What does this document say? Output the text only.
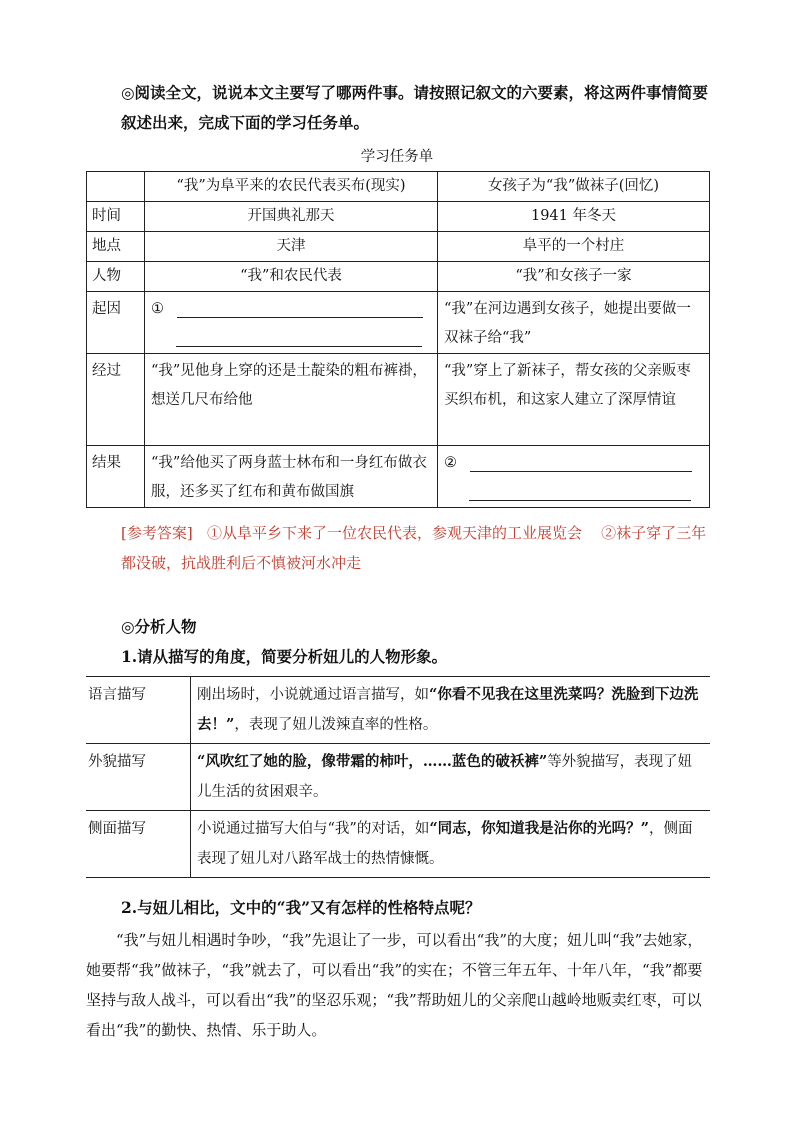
◎阅读全文，说说本文主要写了哪两件事。请按照记叙文的六要素，将这两件事情简要叙述出来，完成下面的学习任务单。
学习任务单
	“我”为阜平来的农民代表买布(现实)	女孩子为“我”做袜子(回忆)
时间	开国典礼那天	1941 年冬天
地点	天津	阜平的一个村庄
人物	“我”和农民代表	“我”和女孩子一家
起因	①	“我”在河边遇到女孩子，她提出要做一双袜子给“我”
经过	“我”见他身上穿的还是土靛染的粗布裤褂，想送几尺布给他	“我”穿上了新袜子，帮女孩的父亲贩枣买织布机，和这家人建立了深厚情谊
结果	“我”给他买了两身蓝士林布和一身红布做衣服，还多买了红布和黄布做国旗	②

[参考答案] ①从阜平乡下来了一位农民代表，参观天津的工业展览会 ②袜子穿了三年都没破，抗战胜利后不慎被河水冲走
◎分析人物
1.请从描写的角度，简要分析妞儿的人物形象。
语言描写	刚出场时，小说就通过语言描写，如“你看不见我在这里洗菜吗？洗脸到下边洗去！”，表现了妞儿泼辣直率的性格。
外貌描写	“风吹红了她的脸，像带霜的柿叶，……蓝色的破袄裤”等外貌描写，表现了妞儿生活的贫困艰辛。
侧面描写	小说通过描写大伯与“我”的对话，如“同志，你知道我是沾你的光吗？”，侧面表现了妞儿对八路军战士的热情慷慨。
2.与妞儿相比，文中的“我”又有怎样的性格特点呢？
“我”与妞儿相遇时争吵，“我”先退让了一步，可以看出“我”的大度；妞儿叫“我”去她家，她要帮“我”做袜子，“我”就去了，可以看出“我”的实在；不管三年五年、十年八年，“我”都要坚持与敌人战斗，可以看出“我”的坚忍乐观；“我”帮助妞儿的父亲爬山越岭地贩卖红枣，可以看出“我”的勤快、热情、乐于助人。
